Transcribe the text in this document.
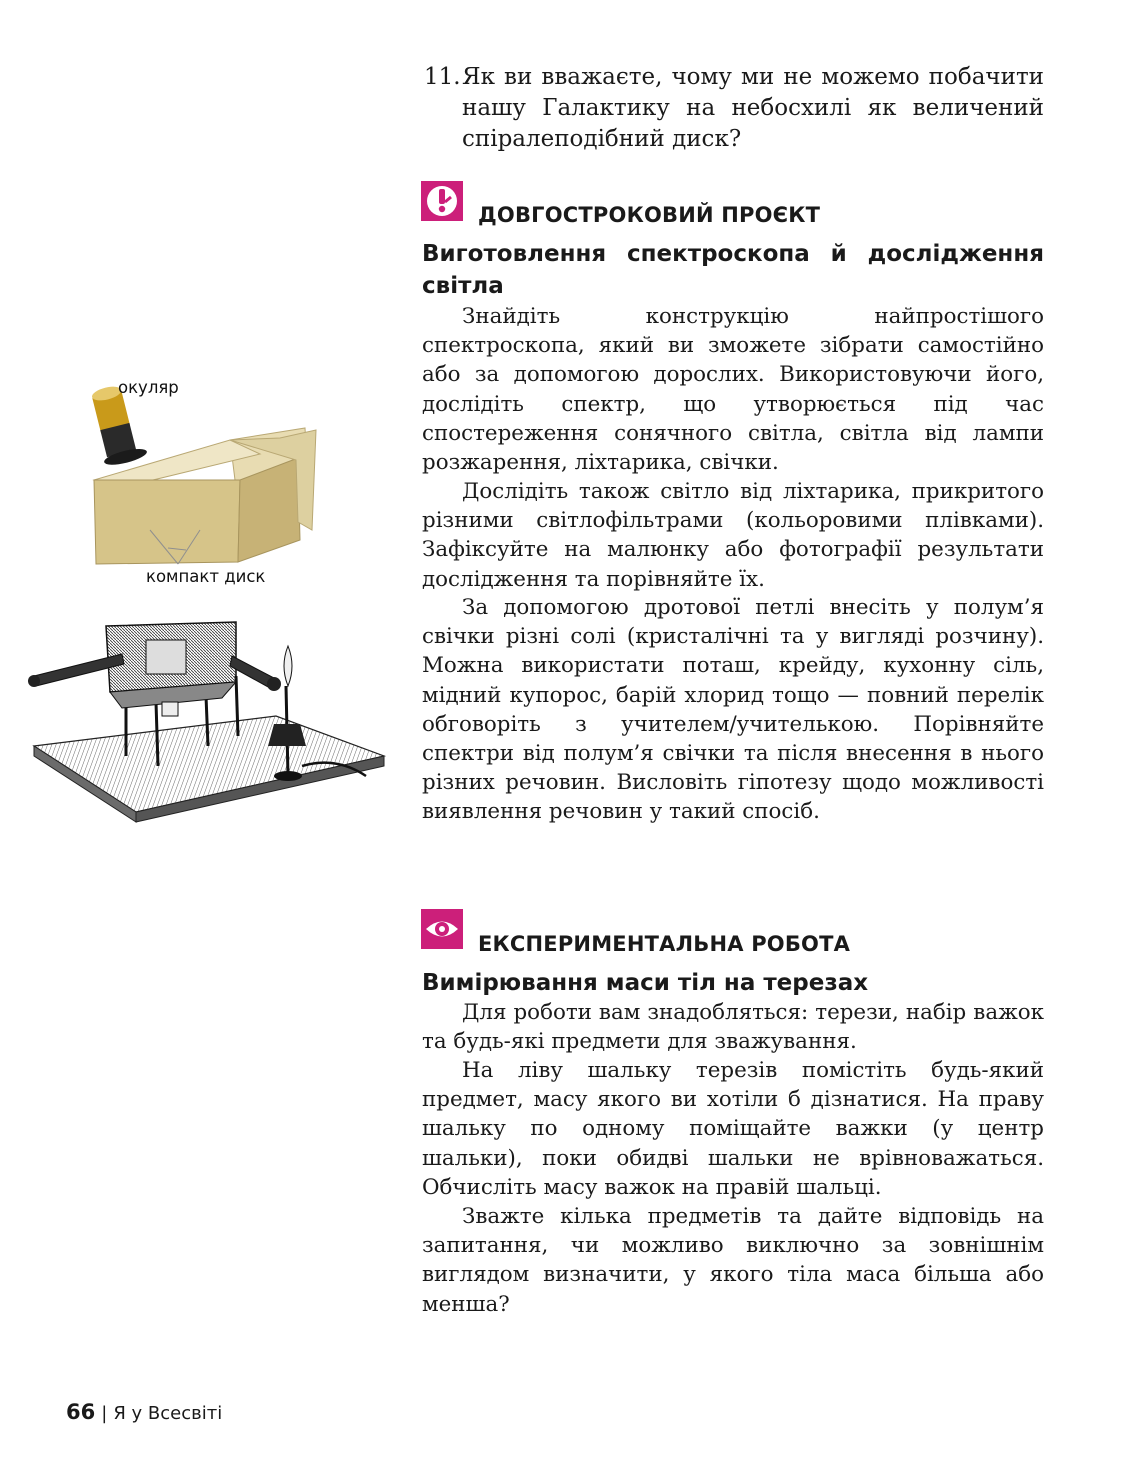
11. Як ви вважаєте, чому ми не можемо побачити нашу Галактику на небосхилі як величений спіралеподібний диск?
ДОВГОСТРОКОВИЙ ПРОЄКТ
Виготовлення спектроскопа й дослідження світла

Знайдіть конструкцію найпростішого спектроскопа, який ви зможете зібрати самостійно або за допомогою дорослих. Використовуючи його, дослідіть спектр, що утворюється під час спостереження сонячного світла, світла від лампи розжарення, ліхтарика, свічки.

Дослідіть також світло від ліхтарика, прикритого різними світлофільтрами (кольоровими плівками). Зафіксуйте на малюнку або фотографії результати дослідження та порівняйте їх.

За допомогою дротової петлі внесіть у полум’я свічки різні солі (кристалічні та у вигляді розчину). Можна використати поташ, крейду, кухонну сіль, мідний купорос, барій хлорид тощо — повний перелік обговоріть з учителем/учителькою. Порівняйте спектри від полум’я свічки та після внесення в нього різних речовин. Висловіть гіпотезу щодо можливості виявлення речовин у такий спосіб.

ЕКСПЕРИМЕНТАЛЬНА РОБОТА
Вимірювання маси тіл на терезах

Для роботи вам знадобляться: терези, набір важок та будь-які предмети для зважування.

На ліву шальку терезів помістіть будь-який предмет, масу якого ви хотіли б дізнатися. На праву шальку по одному поміщайте важки (у центр шальки), поки обидві шальки не врівноважаться. Обчисліть масу важок на правій шальці.

Зважте кілька предметів та дайте відповідь на запитання, чи можливо виключно за зовнішнім виглядом визначити, у якого тіла маса більша або менша?

окуляр
компакт диск
66 | Я у Всесвіті
